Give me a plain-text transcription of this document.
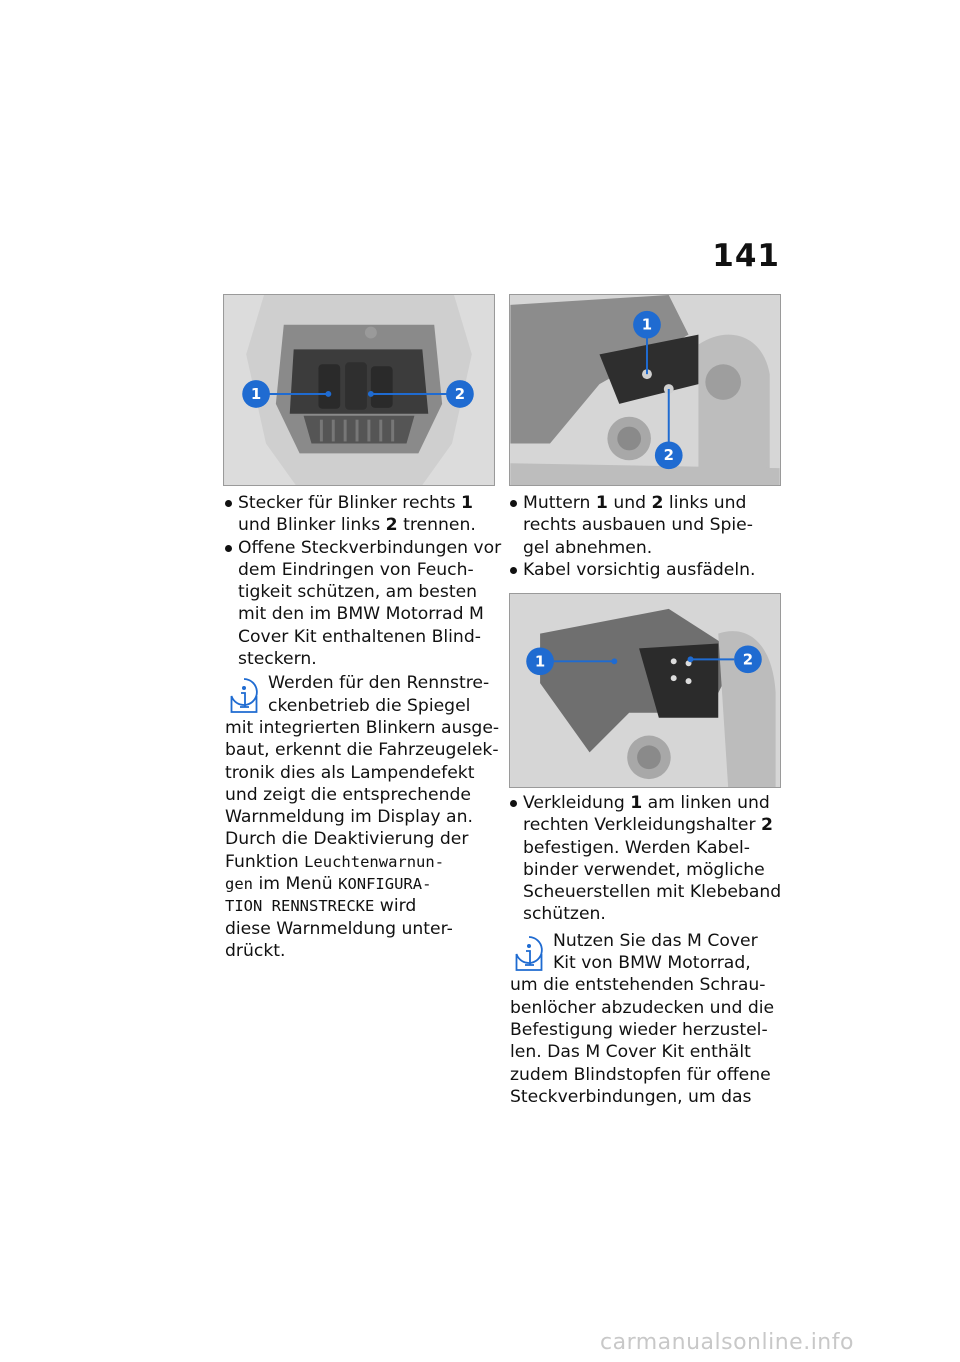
141
1	2
1
2
1	2
Stecker für Blinker rechts 1
und Blinker links 2 trennen.
Offene Steckverbindungen vor
dem Eindringen von Feuch-
tigkeit schützen, am besten
mit den im BMW Motorrad M
Cover Kit enthaltenen Blind-
steckern.
Werden für den Rennstre-
ckenbetrieb die Spiegel
mit integrierten Blinkern ausge-
baut, erkennt die Fahrzeugelek-
tronik dies als Lampendefekt
und zeigt die entsprechende
Warnmeldung im Display an.
Durch die Deaktivierung der
Funktion Leuchtenwarnun-
gen im Menü KONFIGURA-
TION RENNSTRECKE wird
diese Warnmeldung unter-
drückt.
Muttern 1 und 2 links und
rechts ausbauen und Spie-
gel abnehmen.
Kabel vorsichtig ausfädeln.
Verkleidung 1 am linken und
rechten Verkleidungshalter 2
befestigen. Werden Kabel-
binder verwendet, mögliche
Scheuerstellen mit Klebeband
schützen.
Nutzen Sie das M Cover
Kit von BMW Motorrad,
um die entstehenden Schrau-
benlöcher abzudecken und die
Befestigung wieder herzustel-
len. Das M Cover Kit enthält
zudem Blindstopfen für offene
Steckverbindungen, um das
carmanualsonline.info
